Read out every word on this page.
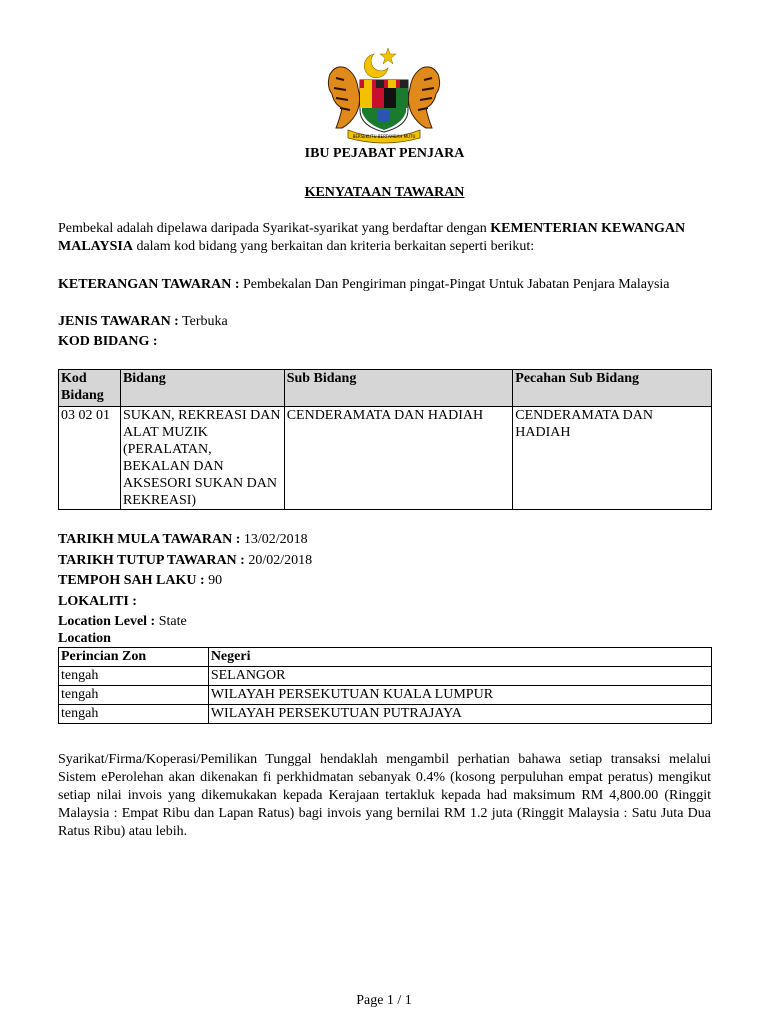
BERSEKUTU BERTAMBAH MUTU
IBU PEJABAT PENJARA
KENYATAAN TAWARAN
Pembekal adalah dipelawa daripada Syarikat-syarikat yang berdaftar dengan KEMENTERIAN KEWANGAN MALAYSIA dalam kod bidang yang berkaitan dan kriteria berkaitan seperti berikut:
KETERANGAN TAWARAN : Pembekalan Dan Pengiriman pingat-Pingat Untuk Jabatan Penjara Malaysia
JENIS TAWARAN : Terbuka
KOD BIDANG :
Kod Bidang	Bidang	Sub Bidang	Pecahan Sub Bidang
03 02 01	SUKAN, REKREASI DAN ALAT MUZIK (PERALATAN, BEKALAN DAN AKSESORI SUKAN DAN REKREASI)	CENDERAMATA DAN HADIAH	CENDERAMATA DAN HADIAH
TARIKH MULA TAWARAN : 13/02/2018
TARIKH TUTUP TAWARAN : 20/02/2018
TEMPOH SAH LAKU : 90
LOKALITI :
Location Level : State
Location
Perincian Zon	Negeri
tengah	SELANGOR
tengah	WILAYAH PERSEKUTUAN KUALA LUMPUR
tengah	WILAYAH PERSEKUTUAN PUTRAJAYA
Syarikat/Firma/Koperasi/Pemilikan Tunggal hendaklah mengambil perhatian bahawa setiap transaksi melalui Sistem ePerolehan akan dikenakan fi perkhidmatan sebanyak 0.4% (kosong perpuluhan empat peratus) mengikut setiap nilai invois yang dikemukakan kepada Kerajaan tertakluk kepada had maksimum RM 4,800.00 (Ringgit Malaysia : Empat Ribu dan Lapan Ratus) bagi invois yang bernilai RM 1.2 juta (Ringgit Malaysia : Satu Juta Dua Ratus Ribu) atau lebih.
Page 1 / 1
